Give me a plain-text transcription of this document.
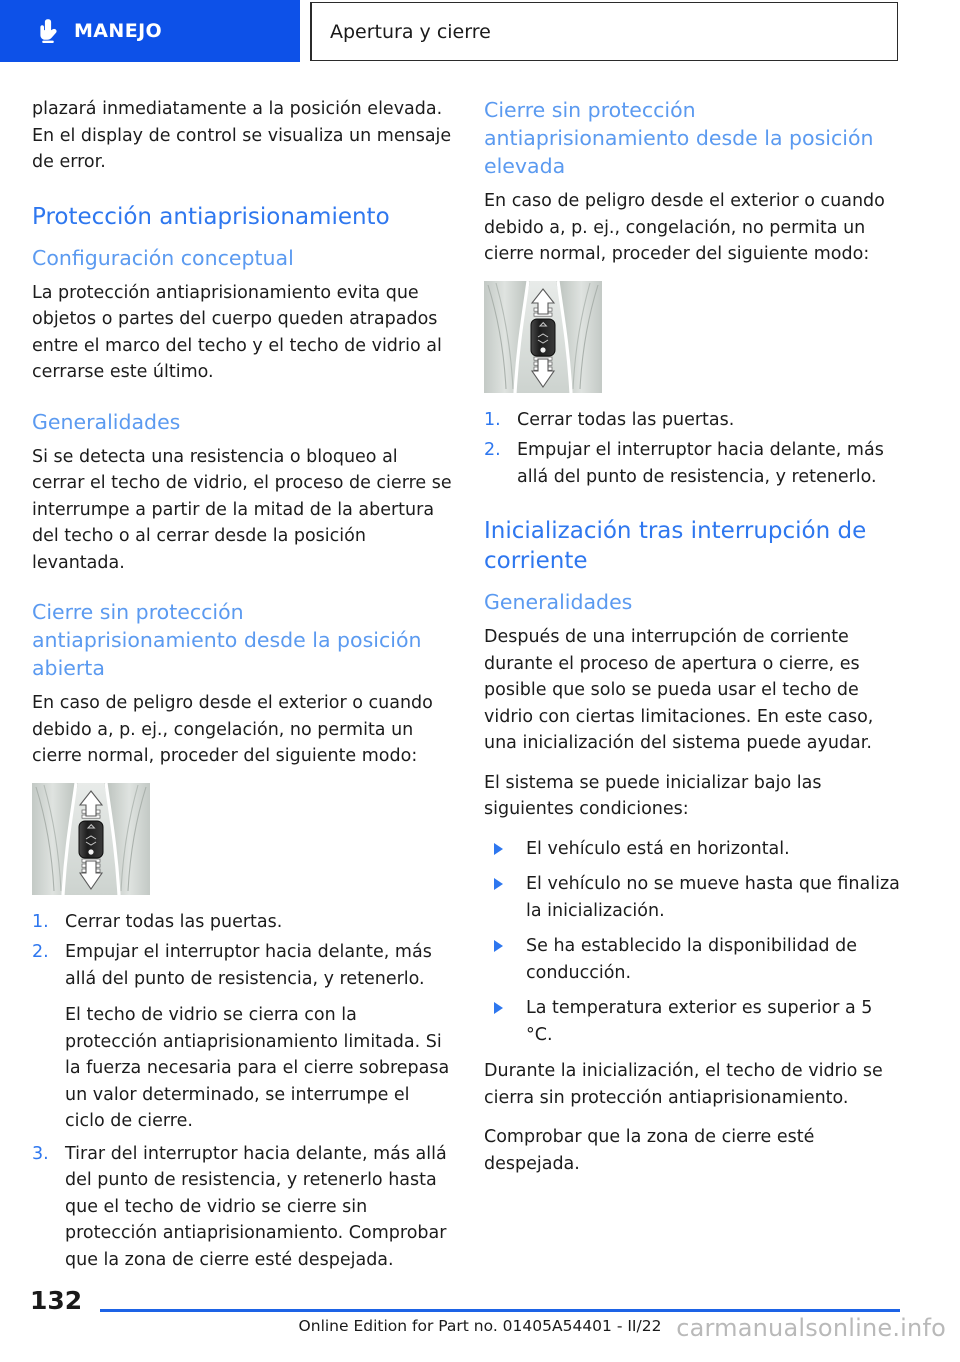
MANEJO	Apertura y cierre

plazará inmediatamente a la posición elevada. En el display de control se visualiza un mensaje de error.

Protección antiaprisionamiento
Configuración conceptual

La protección antiaprisionamiento evita que objetos o partes del cuerpo queden atrapados entre el marco del techo y el techo de vidrio al cerrarse este último.

Generalidades

Si se detecta una resistencia o bloqueo al cerrar el techo de vidrio, el proceso de cierre se interrumpe a partir de la mitad de la abertura del techo o al cerrar desde la posición levantada.

Cierre sin protección antiaprisionamiento desde la posición abierta

En caso de peligro desde el exterior o cuando debido a, p. ej., congelación, no permita un cierre normal, proceder del siguiente modo:

1. Cerrar todas las puertas.
2. Empujar el interruptor hacia delante, más allá del punto de resistencia, y retenerlo.
El techo de vidrio se cierra con la protección antiaprisionamiento limitada. Si la fuerza necesaria para el cierre sobrepasa un valor determinado, se interrumpe el ciclo de cierre.
3. Tirar del interruptor hacia delante, más allá del punto de resistencia, y retenerlo hasta que el techo de vidrio se cierre sin protección antiaprisionamiento. Comprobar que la zona de cierre esté despejada.
Cierre sin protección antiaprisionamiento desde la posición elevada

En caso de peligro desde el exterior o cuando debido a, p. ej., congelación, no permita un cierre normal, proceder del siguiente modo:

1. Cerrar todas las puertas.
2. Empujar el interruptor hacia delante, más allá del punto de resistencia, y retenerlo.
Inicialización tras interrupción de corriente
Generalidades

Después de una interrupción de corriente durante el proceso de apertura o cierre, es posible que solo se pueda usar el techo de vidrio con ciertas limitaciones. En este caso, una inicialización del sistema puede ayudar.

El sistema se puede inicializar bajo las siguientes condiciones:

El vehículo está en horizontal.
El vehículo no se mueve hasta que finaliza la inicialización.
Se ha establecido la disponibilidad de conducción.
La temperatura exterior es superior a 5 °C.

Durante la inicialización, el techo de vidrio se cierra sin protección antiaprisionamiento.

Comprobar que la zona de cierre esté despejada.

132
Online Edition for Part no. 01405A54401 - II/22 carmanualsonline.info
